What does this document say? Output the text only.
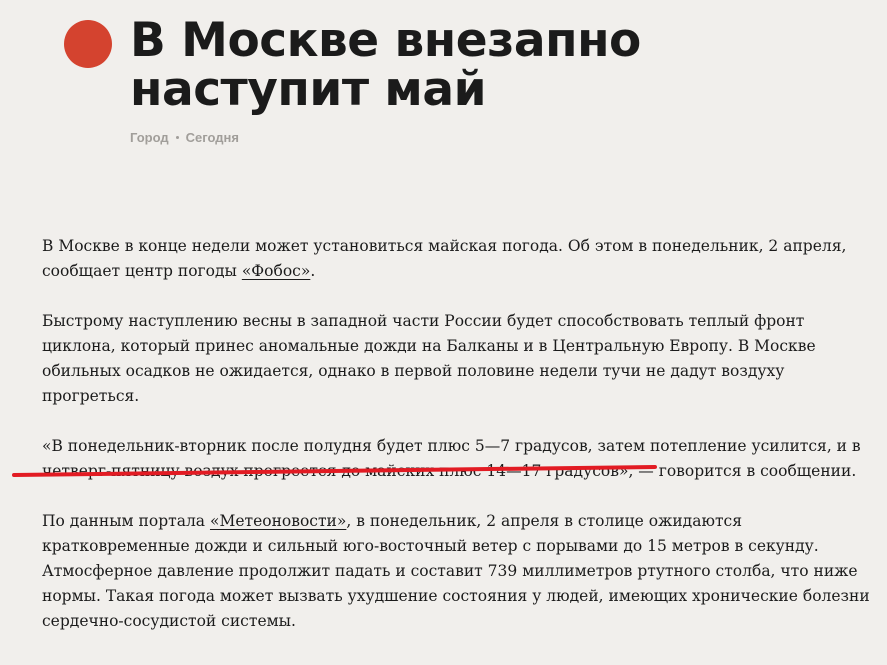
В Москве внезапно наступит май
Город Сегодня

В Москве в конце недели может установиться майская погода. Об этом в понедельник, 2 апреля, сообщает центр погоды «Фобос».

Быстрому наступлению весны в западной части России будет способствовать теплый фронт циклона, который принес аномальные дожди на Балканы и в Центральную Европу. В Москве обильных осадков не ожидается, однако в первой половине недели тучи не дадут воздуху прогреться.

«В понедельник-вторник после полудня будет плюс 5—7 градусов, затем потепление усилится, и в четверг-пятницу воздух прогреется до майских плюс 14—17 градусов», — говорится в сообщении.

По данным портала «Метеоновости», в понедельник, 2 апреля в столице ожидаются кратковременные дожди и сильный юго-восточный ветер с порывами до 15 метров в секунду. Атмосферное давление продолжит падать и составит 739 миллиметров ртутного столба, что ниже нормы. Такая погода может вызвать ухудшение состояния у людей, имеющих хронические болезни сердечно-сосудистой системы.
